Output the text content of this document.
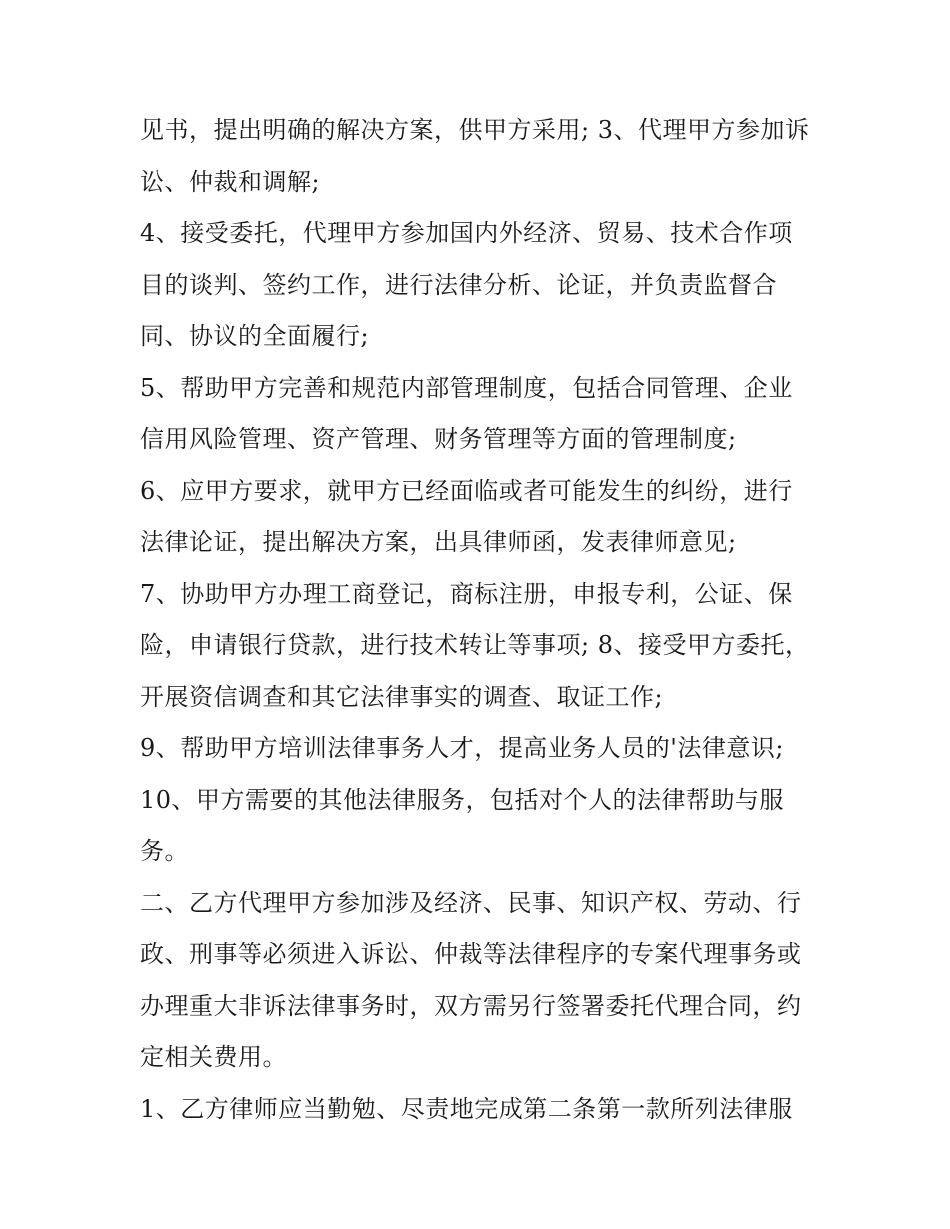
见书，提出明确的解决方案，供甲方采用; 3、代理甲方参加诉
讼、仲裁和调解;
4、接受委托，代理甲方参加国内外经济、贸易、技术合作项
目的谈判、签约工作，进行法律分析、论证，并负责监督合
同、协议的全面履行;
5、帮助甲方完善和规范内部管理制度，包括合同管理、企业
信用风险管理、资产管理、财务管理等方面的管理制度;
6、应甲方要求，就甲方已经面临或者可能发生的纠纷，进行
法律论证，提出解决方案，出具律师函，发表律师意见;
7、协助甲方办理工商登记，商标注册，申报专利，公证、保
险，申请银行贷款，进行技术转让等事项; 8、接受甲方委托，
开展资信调查和其它法律事实的调查、取证工作;
9、帮助甲方培训法律事务人才，提高业务人员的'法律意识;
10、甲方需要的其他法律服务，包括对个人的法律帮助与服
务。
二、乙方代理甲方参加涉及经济、民事、知识产权、劳动、行
政、刑事等必须进入诉讼、仲裁等法律程序的专案代理事务或
办理重大非诉法律事务时，双方需另行签署委托代理合同，约
定相关费用。
1、乙方律师应当勤勉、尽责地完成第二条第一款所列法律服
